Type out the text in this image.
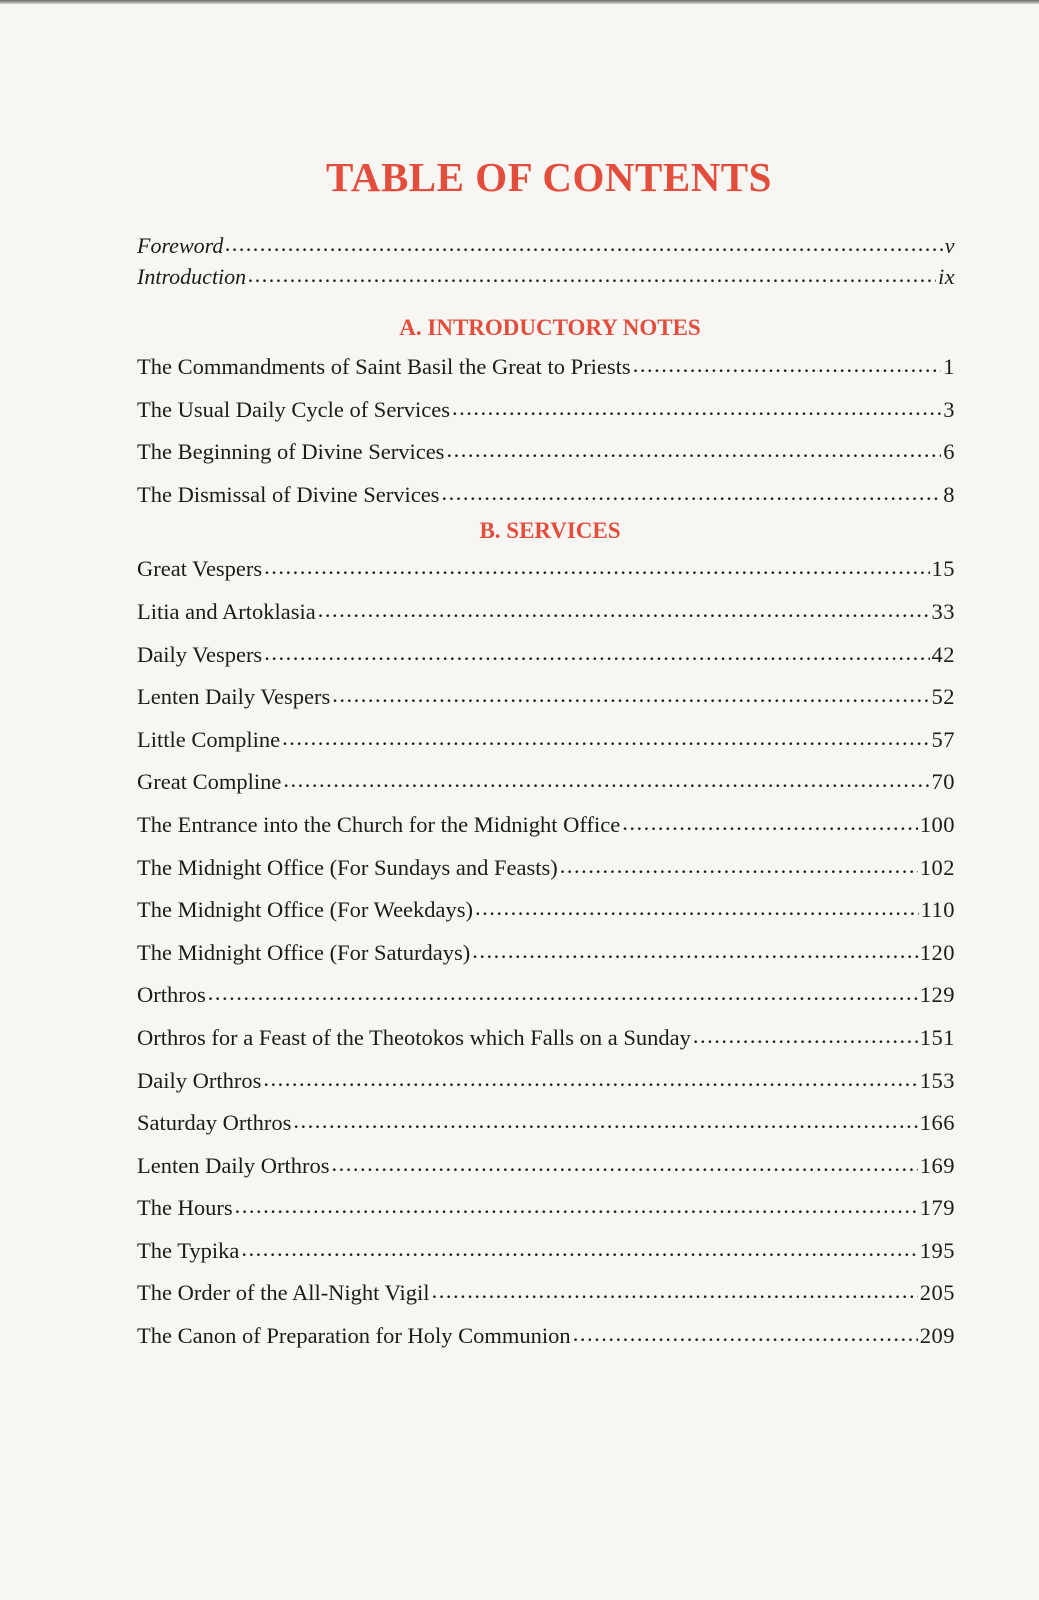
TABLE OF CONTENTS
Foreword .....	v
Introduction .....	ix
A. INTRODUCTORY NOTES
The Commandments of Saint Basil the Great to Priests .....	1
The Usual Daily Cycle of Services .....	3
The Beginning of Divine Services .....	6
The Dismissal of Divine Services .....	8
B. SERVICES
Great Vespers .....	15
Litia and Artoklasia .....	33
Daily Vespers .....	42
Lenten Daily Vespers .....	52
Little Compline .....	57
Great Compline .....	70
The Entrance into the Church for the Midnight Office .....	100
The Midnight Office (For Sundays and Feasts) .....	102
The Midnight Office (For Weekdays) .....	110
The Midnight Office (For Saturdays) .....	120
Orthros .....	129
Orthros for a Feast of the Theotokos which Falls on a Sunday .....	151
Daily Orthros .....	153
Saturday Orthros .....	166
Lenten Daily Orthros .....	169
The Hours .....	179
The Typika .....	195
The Order of the All-Night Vigil .....	205
The Canon of Preparation for Holy Communion .....	209
